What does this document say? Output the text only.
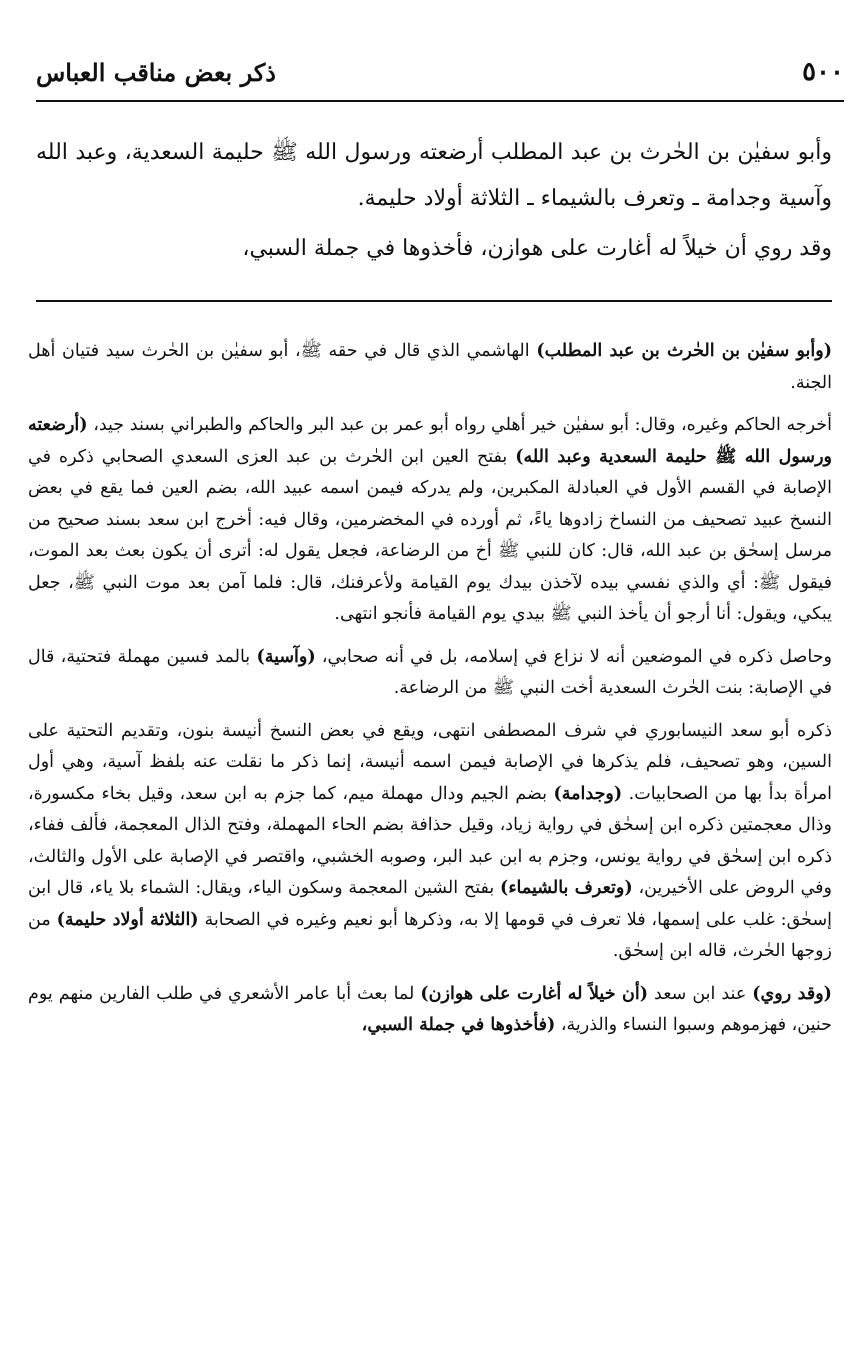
٥٠٠
ذكر بعض مناقب العباس

وأبو سفيٰن بن الحٰرث بن عبد المطلب أرضعته ورسول الله ﷺ حليمة السعدية، وعبد الله وآسية وجدامة ـ وتعرف بالشيماء ـ الثلاثة أولاد حليمة.

وقد روي أن خيلاً له أغارت على هوازن، فأخذوها في جملة السبي،

(وأبو سفيٰن بن الحٰرث بن عبد المطلب) الهاشمي الذي قال في حقه ﷺ، أبو سفيٰن بن الحٰرث سيد فتيان أهل الجنة.

أخرجه الحاكم وغيره، وقال: أبو سفيٰن خير أهلي رواه أبو عمر بن عبد البر والحاكم والطبراني بسند جيد، (أرضعته ورسول الله ﷺ حليمة السعدية وعبد الله) بفتح العين ابن الحٰرث بن عبد العزى السعدي الصحابي ذكره في الإصابة في القسم الأول في العبادلة المكبرين، ولم يدركه فيمن اسمه عبيد الله، بضم العين فما يقع في بعض النسخ عبيد تصحيف من النساخ زادوها ياءً، ثم أورده في المخضرمين، وقال فيه: أخرج ابن سعد بسند صحيح من مرسل إسحٰق بن عبد الله، قال: كان للنبي ﷺ أخ من الرضاعة، فجعل يقول له: أترى أن يكون بعث بعد الموت، فيقول ﷺ: أي والذي نفسي بيده لآخذن بيدك يوم القيامة ولأعرفنك، قال: فلما آمن بعد موت النبي ﷺ، جعل يبكي، ويقول: أنا أرجو أن يأخذ النبي ﷺ بيدي يوم القيامة فأنجو انتهى.

وحاصل ذكره في الموضعين أنه لا نزاع في إسلامه، بل في أنه صحابي، (وآسية) بالمد فسين مهملة فتحتية، قال في الإصابة: بنت الحٰرث السعدية أخت النبي ﷺ من الرضاعة.

ذكره أبو سعد النيسابوري في شرف المصطفى انتهى، ويقع في بعض النسخ أنيسة بنون، وتقديم التحتية على السين، وهو تصحيف، فلم يذكرها في الإصابة فيمن اسمه أنيسة، إنما ذكر ما نقلت عنه بلفظ آسية، وهي أول امرأة بدأ بها من الصحابيات. (وجدامة) بضم الجيم ودال مهملة ميم، كما جزم به ابن سعد، وقيل بخاء مكسورة، وذال معجمتين ذكره ابن إسحٰق في رواية زياد، وقيل حذافة بضم الحاء المهملة، وفتح الذال المعجمة، فألف ففاء، ذكره ابن إسحٰق في رواية يونس، وجزم به ابن عبد البر، وصوبه الخشبي، واقتصر في الإصابة على الأول والثالث، وفي الروض على الأخيرين، (وتعرف بالشيماء) بفتح الشين المعجمة وسكون الياء، ويقال: الشماء بلا ياء، قال ابن إسحٰق: غلب على إسمها، فلا تعرف في قومها إلا به، وذكرها أبو نعيم وغيره في الصحابة (الثلاثة أولاد حليمة) من زوجها الحٰرث، قاله ابن إسحٰق.

(وقد روي) عند ابن سعد (أن خيلاً له أغارت على هوازن) لما بعث أبا عامر الأشعري في طلب الفارين منهم يوم حنين، فهزموهم وسبوا النساء والذرية، (فأخذوها في جملة السبي،
